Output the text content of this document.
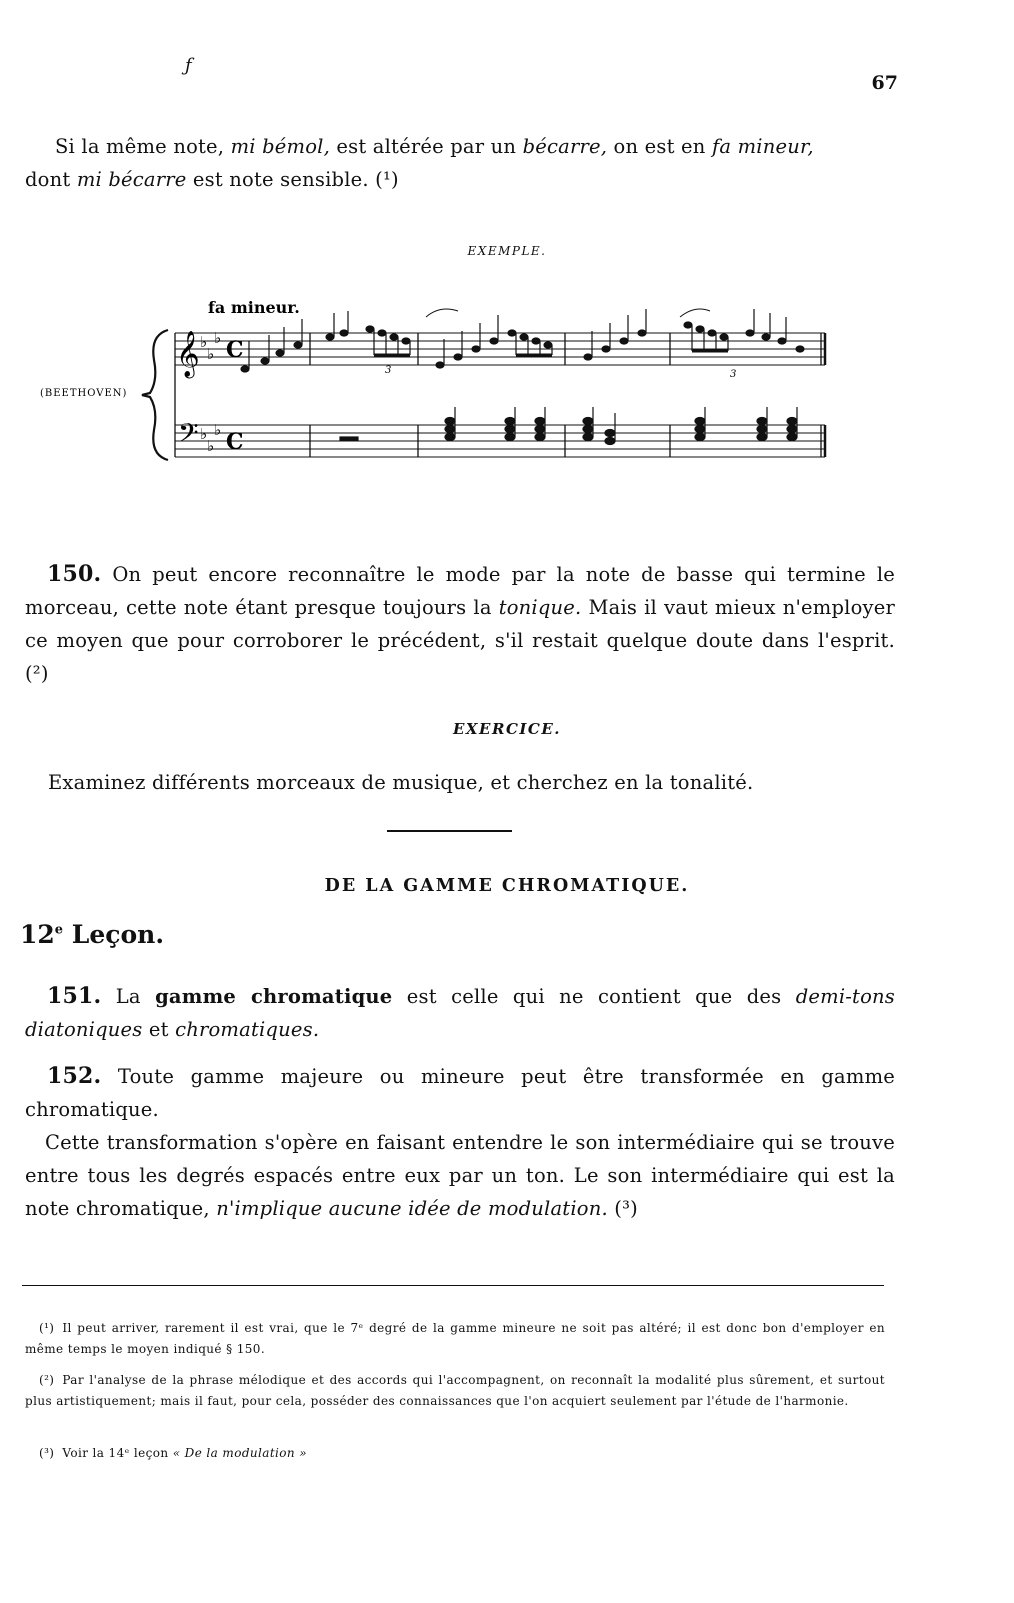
ƒ
67
Si la même note, mi bémol, est altérée par un bécarre, on est en fa mineur,
dont mi bécarre est note sensible. (¹)
EXEMPLE.
fa mineur.
(BEETHOVEN)
𝄞
𝄢
♭
♭
♭
♭
♭
♭
C
C
3	3
150. On peut encore reconnaître le mode par la note de basse qui termine le morceau, cette note étant presque toujours la tonique. Mais il vaut mieux n'employer ce moyen que pour corroborer le précédent, s'il restait quelque doute dans l'esprit. (²)
EXERCICE.
Examinez différents morceaux de musique, et cherchez en la tonalité.
DE LA GAMME CHROMATIQUE.
12e Leçon.
151. La gamme chromatique est celle qui ne contient que des demi-tons diatoniques et chromatiques.
152. Toute gamme majeure ou mineure peut être transformée en gamme chromatique.
Cette transformation s'opère en faisant entendre le son intermédiaire qui se trouve entre tous les degrés espacés entre eux par un ton. Le son intermédiaire qui est la note chromatique, n'implique aucune idée de modulation. (³)
(¹) Il peut arriver, rarement il est vrai, que le 7ᵉ degré de la gamme mineure ne soit pas altéré; il est donc bon d'employer en même temps le moyen indiqué § 150.
(²) Par l'analyse de la phrase mélodique et des accords qui l'accompagnent, on reconnaît la modalité plus sûrement, et surtout plus artistiquement; mais il faut, pour cela, posséder des connaissances que l'on acquiert seulement par l'étude de l'harmonie.
(³) Voir la 14ᵉ leçon « De la modulation »
